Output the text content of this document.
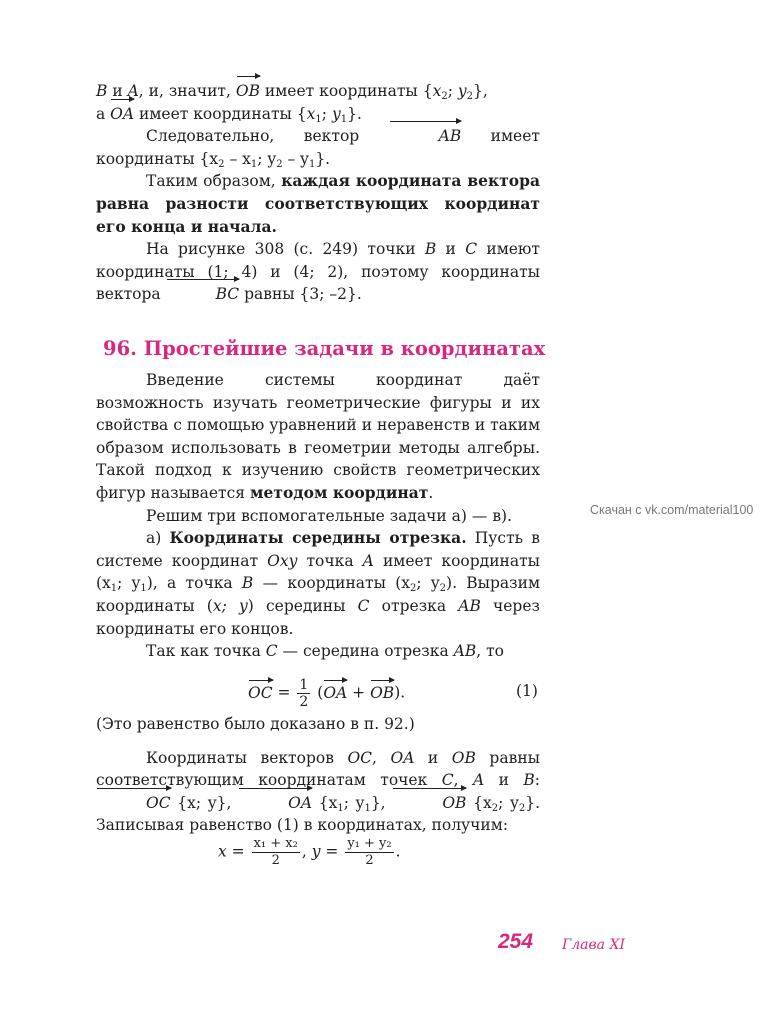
B и A, и, значит, OB имеет координаты {$x_2$; $y_2$},

а OA имеет координаты {$x_1$; $y_1$}.

Следовательно, вектор	AB имеет координаты {$x_2 - x_1$; $y_2 - y_1$}.

Таким образом, каждая координата вектора равна разности соответствующих координат его конца и начала.

На рисунке 308 (с. 249) точки B и C имеют координаты (1; 4) и (4; 2), поэтому координаты вектора	BC равны {3; –2}.

96. Простейшие задачи в координатах

Введение системы координат даёт возможность изучать геометрические фигуры и их свойства с помощью уравнений и неравенств и таким образом использовать в геометрии методы алгебры. Такой подход к изучению свойств геометрических фигур называется методом координат.

Решим три вспомогательные задачи а) — в).

а) Координаты середины отрезка. Пусть в системе координат Oxy точка A имеет координаты ($x_1$; $y_1$), а точка B — координаты ($x_2$; $y_2$). Выразим координаты (x; y) середины C отрезка AB через координаты его концов.

Так как точка C — середина отрезка AB, то

OC = $\frac{1}{2} (OA + OB)$.	(1)

(Это равенство было доказано в п. 92.)

Координаты векторов OC, OA и OB равны соответствующим координатам точек C, A и B: OC {x; y},	OA {$x_1$; $y_1$},	OB {$x_2$; $y_2$}. Записывая равенство (1) в координатах, получим:

$x = \frac{\text{x₁ + x₂}}{2}$ , $y = \frac{\text{y₁ + y₂}}{2}$ .
Скачан с vk.com/material100
254 Глава XI
